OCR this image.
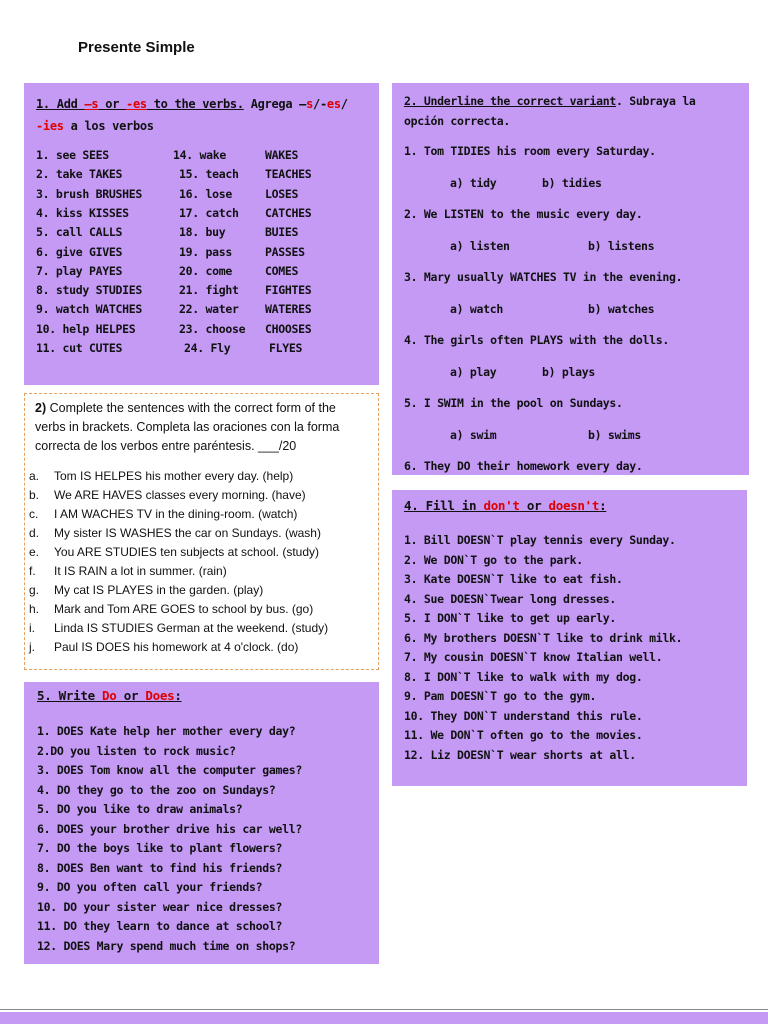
Presente Simple
1. Add –s or -es to the verbs. Agrega –s/-es/
-ies a los verbos
1. see SEES	14. wake	WAKES
2. take TAKES	15. teach TEACHES
3. brush BRUSHES	16. lose	LOSES
4. kiss KISSES	17. catch CATCHES
5. call CALLS	18. buy	BUIES
6. give GIVES	19. pass	PASSES
7. play PAYES	20. come	COMES
8. study STUDIES	21. fight FIGHTES
9. watch WATCHES	22. water WATERES
10. help HELPES	23. choose CHOOSES
11. cut CUTES	24. Fly	FLYES
2) Complete the sentences with the correct form of the verbs in brackets. Completa las oraciones con la forma correcta de los verbos entre paréntesis. ___/20
a.	Tom IS HELPES his mother every day. (help)
b.	We ARE HAVES classes every morning. (have)
c.	I AM WACHES TV in the dining-room. (watch)
d.	My sister IS WASHES the car on Sundays. (wash)
e.	You ARE STUDIES ten subjects at school. (study)
f.	It IS RAIN a lot in summer. (rain)
g.	My cat IS PLAYES in the garden. (play)
h.	Mark and Tom ARE GOES to school by bus. (go)
i.	Linda IS STUDIES German at the weekend. (study)
j.	Paul IS DOES his homework at 4 o'clock. (do)
5. Write Do or Does:
1. DOES Kate help her mother every day?
2.DO you listen to rock music?
3. DOES Tom know all the computer games?
4. DO they go to the zoo on Sundays?
5. DO you like to draw animals?
6. DOES your brother drive his car well?
7. DO the boys like to plant flowers?
8. DOES Ben want to find his friends?
9. DO you often call your friends?
10. DO your sister wear nice dresses?
11. DO they learn to dance at school?
12. DOES Mary spend much time on shops?
2. Underline the correct variant. Subraya la opción correcta.
1. Tom TIDIES his room every Saturday.
a) tidy	b) tidies
2. We LISTEN to the music every day.
a) listen	b) listens
3. Mary usually WATCHES TV in the evening.
a) watch	b) watches
4. The girls often PLAYS with the dolls.
a) play	b) plays
5. I SWIM in the pool on Sundays.
a) swim	b) swims
6. They DO their homework every day.
4. Fill in don't or doesn't:
1. Bill DOESN`T play tennis every Sunday.
2. We DON`T go to the park.
3. Kate DOESN`T like to eat fish.
4. Sue DOESN`Twear long dresses.
5. I DON`T like to get up early.
6. My brothers DOESN`T like to drink milk.
7. My cousin DOESN`T know Italian well.
8. I DON`T like to walk with my dog.
9. Pam DOESN`T go to the gym.
10. They DON`T understand this rule.
11. We DON`T often go to the movies.
12. Liz DOESN`T wear shorts at all.
